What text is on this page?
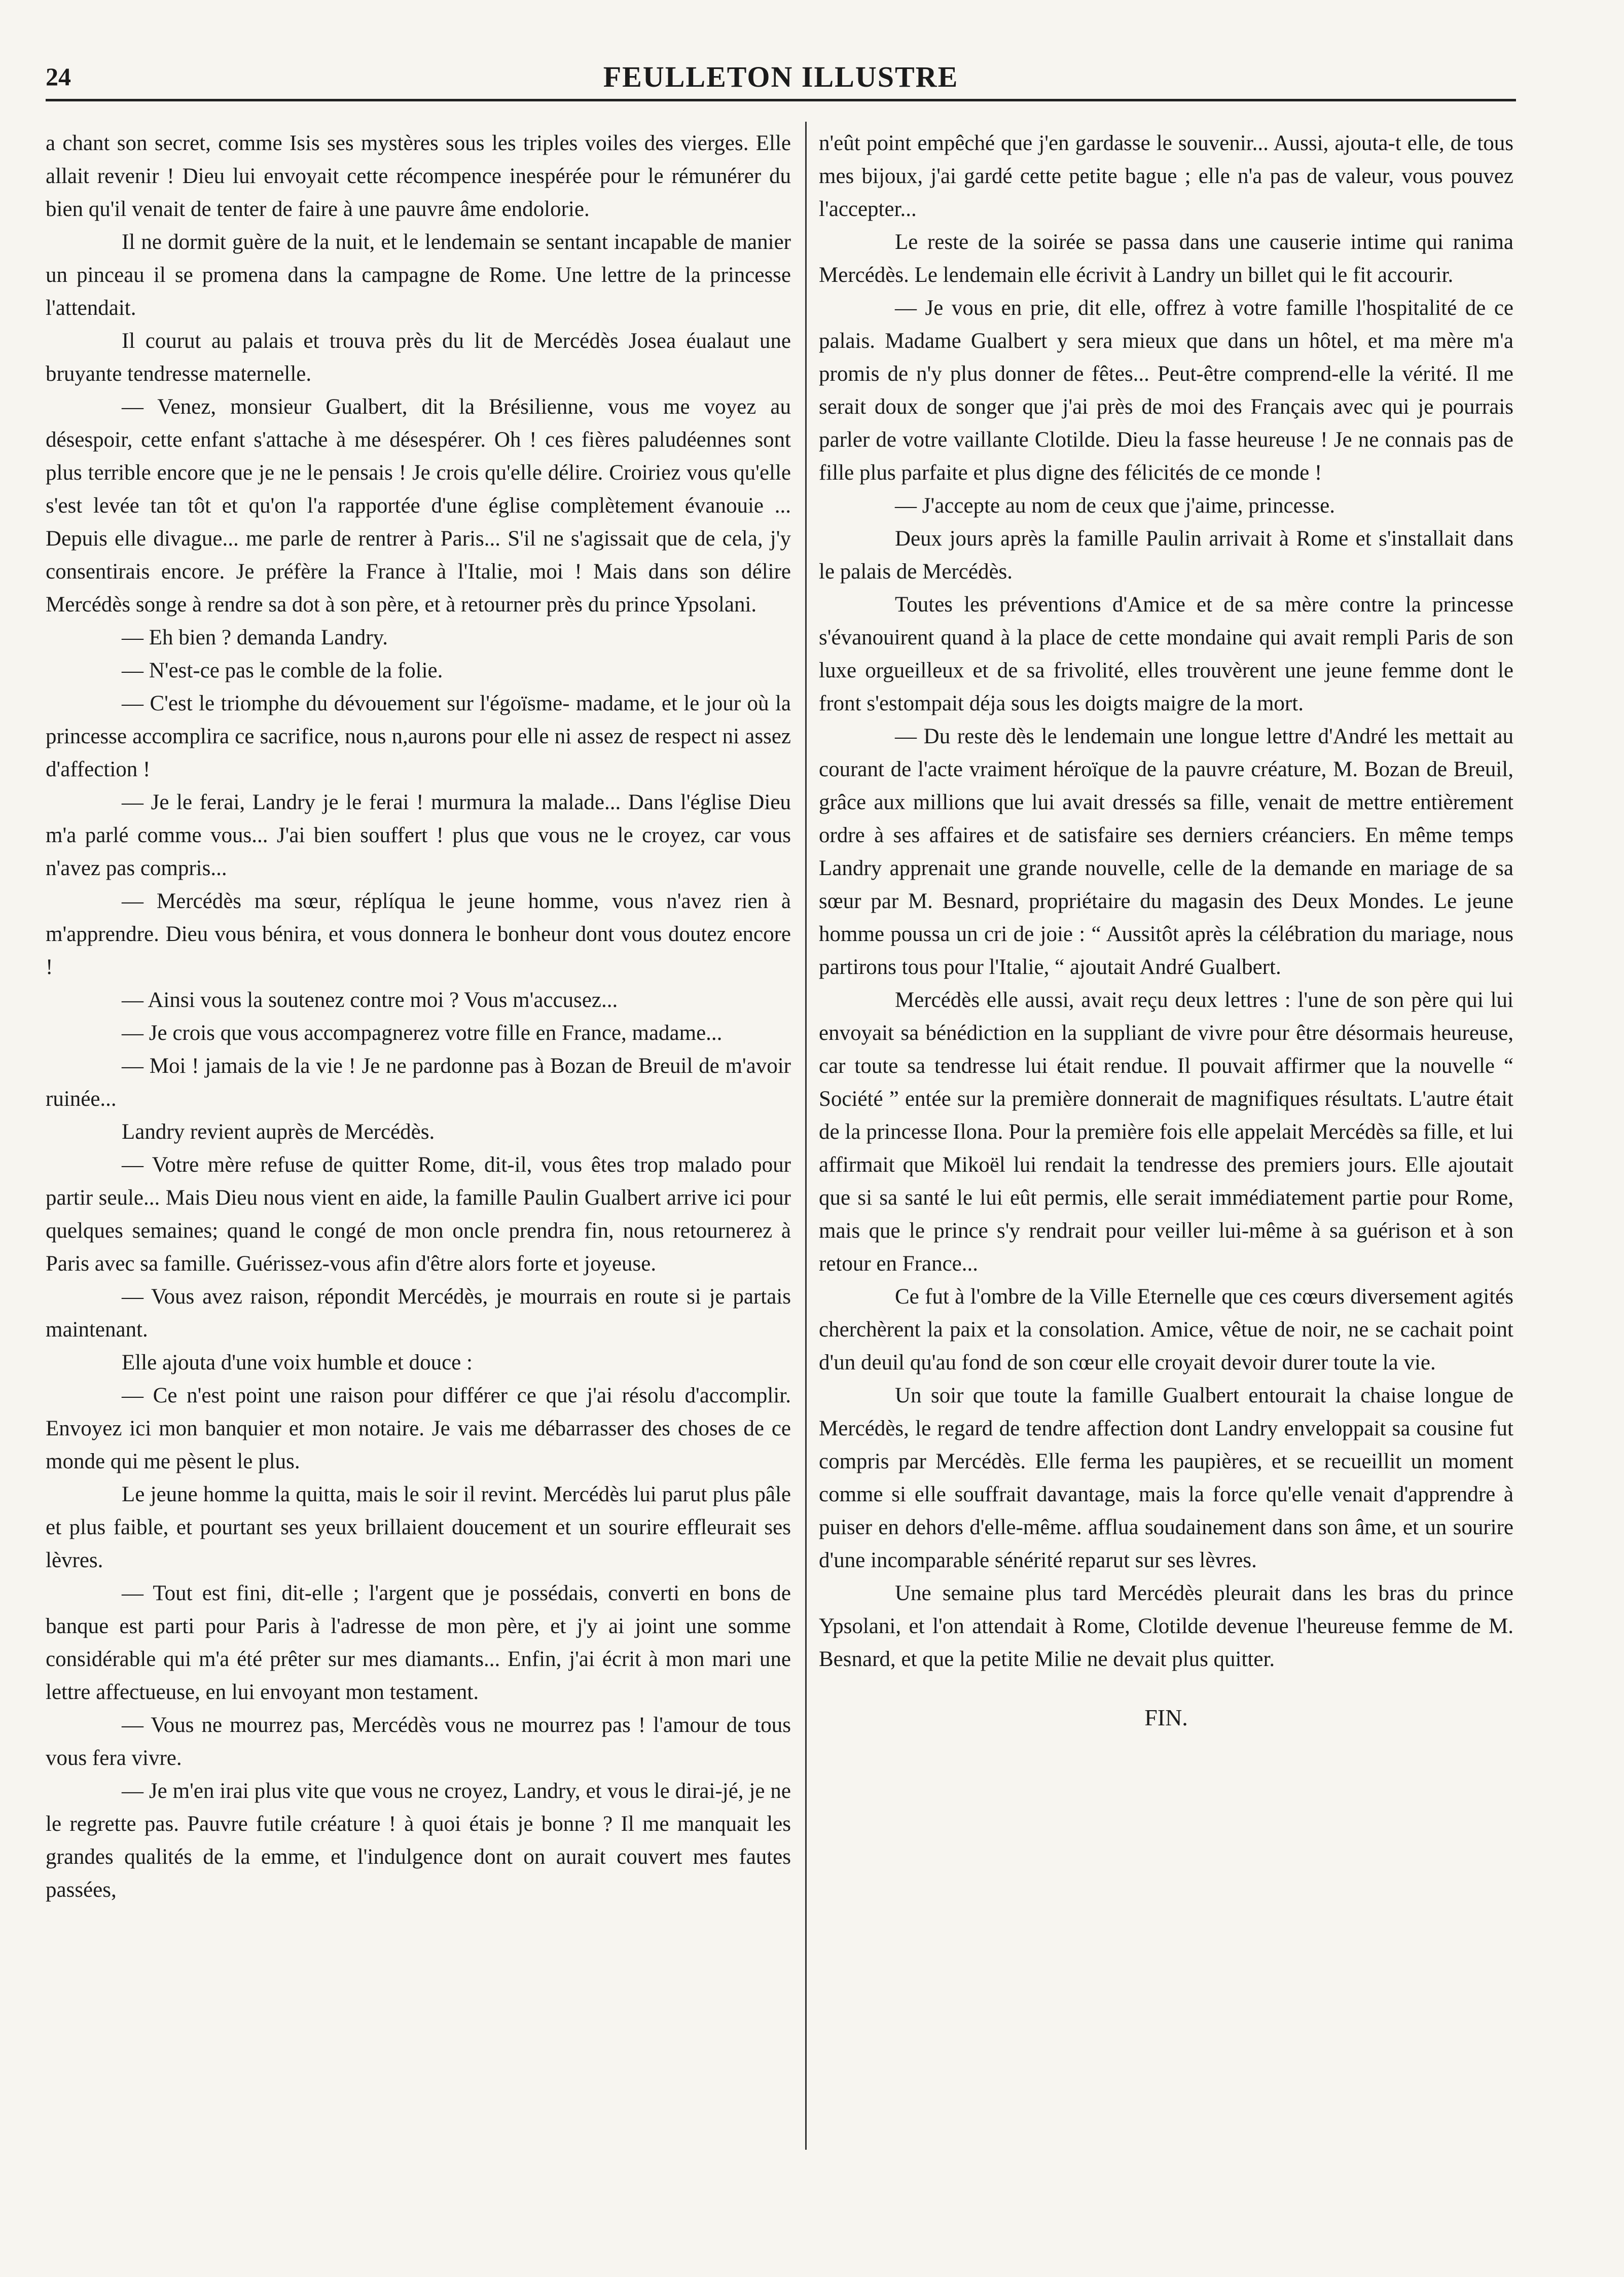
24	FEULLETON ILLUSTRE

a chant son secret, comme Isis ses mystères sous les triples voiles des vierges. Elle allait revenir ! Dieu lui envoyait cette récompence inespérée pour le rémunérer du bien qu'il venait de tenter de faire à une pauvre âme endolorie.

Il ne dormit guère de la nuit, et le lendemain se sentant incapable de manier un pinceau il se promena dans la campagne de Rome. Une lettre de la princesse l'attendait.

Il courut au palais et trouva près du lit de Mercédès Josea éualaut une bruyante tendresse maternelle.

— Venez, monsieur Gualbert, dit la Brésilienne, vous me voyez au désespoir, cette enfant s'attache à me désespérer. Oh ! ces fières paludéennes sont plus terrible encore que je ne le pensais ! Je crois qu'elle délire. Croiriez vous qu'elle s'est levée tan tôt et qu'on l'a rapportée d'une église complètement évanouie ... Depuis elle divague... me parle de rentrer à Paris... S'il ne s'agissait que de cela, j'y consentirais encore. Je préfère la France à l'Italie, moi ! Mais dans son délire Mercédès songe à rendre sa dot à son père, et à retourner près du prince Ypsolani.

— Eh bien ? demanda Landry.

— N'est-ce pas le comble de la folie.

— C'est le triomphe du dévouement sur l'égoïsme- madame, et le jour où la princesse accomplira ce sacrifice, nous n,aurons pour elle ni assez de respect ni assez d'affection !

— Je le ferai, Landry je le ferai ! murmura la malade... Dans l'église Dieu m'a parlé comme vous... J'ai bien souffert ! plus que vous ne le croyez, car vous n'avez pas compris...

— Mercédès ma sœur, réplíqua le jeune homme, vous n'avez rien à m'apprendre. Dieu vous bénira, et vous donnera le bonheur dont vous doutez encore !

— Ainsi vous la soutenez contre moi ? Vous m'accusez...

— Je crois que vous accompagnerez votre fille en France, madame...

— Moi ! jamais de la vie ! Je ne pardonne pas à Bozan de Breuil de m'avoir ruinée...

Landry revient auprès de Mercédès.

— Votre mère refuse de quitter Rome, dit-il, vous êtes trop malado pour partir seule... Mais Dieu nous vient en aide, la famille Paulin Gualbert arrive ici pour quelques semaines; quand le congé de mon oncle prendra fin, nous retournerez à Paris avec sa famille. Guérissez-vous afin d'être alors forte et joyeuse.

— Vous avez raison, répondit Mercédès, je mourrais en route si je partais maintenant.

Elle ajouta d'une voix humble et douce :

— Ce n'est point une raison pour différer ce que j'ai résolu d'accomplir. Envoyez ici mon banquier et mon notaire. Je vais me débarrasser des choses de ce monde qui me pèsent le plus.

Le jeune homme la quitta, mais le soir il revint. Mercédès lui parut plus pâle et plus faible, et pourtant ses yeux brillaient doucement et un sourire effleurait ses lèvres.

— Tout est fini, dit-elle ; l'argent que je possédais, converti en bons de banque est parti pour Paris à l'adresse de mon père, et j'y ai joint une somme considérable qui m'a été prêter sur mes diamants... Enfin, j'ai écrit à mon mari une lettre affectueuse, en lui envoyant mon testament.

— Vous ne mourrez pas, Mercédès vous ne mourrez pas ! l'amour de tous vous fera vivre.

— Je m'en irai plus vite que vous ne croyez, Landry, et vous le dirai-jé, je ne le regrette pas. Pauvre futile créature ! à quoi étais je bonne ? Il me manquait les grandes qualités de la emme, et l'indulgence dont on aurait couvert mes fautes passées,

n'eût point empêché que j'en gardasse le souvenir... Aussi, ajouta-t elle, de tous mes bijoux, j'ai gardé cette petite bague ; elle n'a pas de valeur, vous pouvez l'accepter...

Le reste de la soirée se passa dans une causerie intime qui ranima Mercédès. Le lendemain elle écrivit à Landry un billet qui le fit accourir.

— Je vous en prie, dit elle, offrez à votre famille l'hospitalité de ce palais. Madame Gualbert y sera mieux que dans un hôtel, et ma mère m'a promis de n'y plus donner de fêtes... Peut-être comprend-elle la vérité. Il me serait doux de songer que j'ai près de moi des Français avec qui je pourrais parler de votre vaillante Clotilde. Dieu la fasse heureuse ! Je ne connais pas de fille plus parfaite et plus digne des félicités de ce monde !

— J'accepte au nom de ceux que j'aime, princesse.

Deux jours après la famille Paulin arrivait à Rome et s'installait dans le palais de Mercédès.

Toutes les préventions d'Amice et de sa mère contre la princesse s'évanouirent quand à la place de cette mondaine qui avait rempli Paris de son luxe orgueilleux et de sa frivolité, elles trouvèrent une jeune femme dont le front s'estompait déja sous les doigts maigre de la mort.

— Du reste dès le lendemain une longue lettre d'André les mettait au courant de l'acte vraiment héroïque de la pauvre créature, M. Bozan de Breuil, grâce aux millions que lui avait dressés sa fille, venait de mettre entièrement ordre à ses affaires et de satisfaire ses derniers créanciers. En même temps Landry apprenait une grande nouvelle, celle de la demande en mariage de sa sœur par M. Besnard, propriétaire du magasin des Deux Mondes. Le jeune homme poussa un cri de joie : “ Aussitôt après la célébration du mariage, nous partirons tous pour l'Italie, “ ajoutait André Gualbert.

Mercédès elle aussi, avait reçu deux lettres : l'une de son père qui lui envoyait sa bénédiction en la suppliant de vivre pour être désormais heureuse, car toute sa tendresse lui était rendue. Il pouvait affirmer que la nouvelle “ Société ” entée sur la première donnerait de magnifiques résultats. L'autre était de la princesse Ilona. Pour la première fois elle appelait Mercédès sa fille, et lui affirmait que Mikoël lui rendait la tendresse des premiers jours. Elle ajoutait que si sa santé le lui eût permis, elle serait immédiatement partie pour Rome, mais que le prince s'y rendrait pour veiller lui-même à sa guérison et à son retour en France...

Ce fut à l'ombre de la Ville Eternelle que ces cœurs diversement agités cherchèrent la paix et la consolation. Amice, vêtue de noir, ne se cachait point d'un deuil qu'au fond de son cœur elle croyait devoir durer toute la vie.

Un soir que toute la famille Gualbert entourait la chaise longue de Mercédès, le regard de tendre affection dont Landry enveloppait sa cousine fut compris par Mercédès. Elle ferma les paupières, et se recueillit un moment comme si elle souffrait davantage, mais la force qu'elle venait d'apprendre à puiser en dehors d'elle-même. afflua soudainement dans son âme, et un sourire d'une incomparable sénérité reparut sur ses lèvres.

Une semaine plus tard Mercédès pleurait dans les bras du prince Ypsolani, et l'on attendait à Rome, Clotilde devenue l'heureuse femme de M. Besnard, et que la petite Milie ne devait plus quitter.

FIN.
